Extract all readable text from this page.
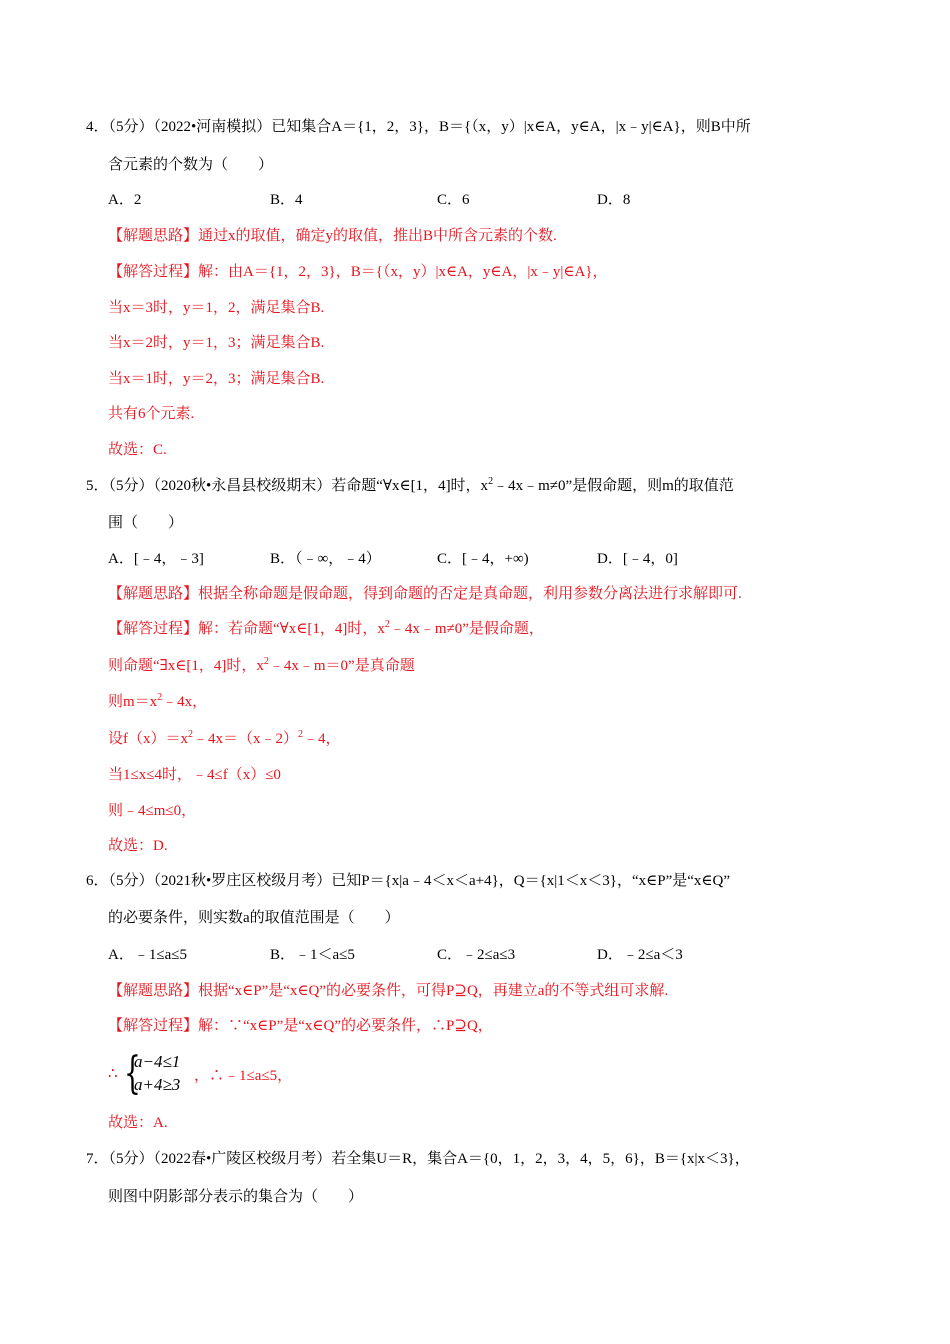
4．（5分）（2022•河南模拟）已知集合A＝{1，2，3}，B＝{（x，y）|x∈A，y∈A，|x﹣y|∈A}，则B中所
含元素的个数为（　　）
A．2	B．4	C．6	D．8
【解题思路】通过x的取值，确定y的取值，推出B中所含元素的个数.
【解答过程】解：由A＝{1，2，3}，B＝{（x，y）|x∈A，y∈A，|x﹣y|∈A}，
当x＝3时，y＝1，2，满足集合B.
当x＝2时，y＝1，3；满足集合B.
当x＝1时，y＝2，3；满足集合B.
共有6个元素.
故选：C.
5．（5分）（2020秋•永昌县校级期末）若命题“∀x∈[1，4]时，$x^2﹣4x﹣m\ne 0$”是假命题，则m的取值范
围（　　）
A．[﹣4，﹣3]	B．（﹣∞，﹣4）	C．[﹣4，+∞)	D．[﹣4，0]
【解题思路】根据全称命题是假命题，得到命题的否定是真命题，利用参数分离法进行求解即可.
【解答过程】解：若命题“∀x∈[1，4]时，$x^2﹣4x﹣m\ne 0$”是假命题，
则命题“∃x∈[1，4]时，$x^2﹣4x﹣m=0$”是真命题
则$m=x^2﹣4x$，
设$f(x)=x^2﹣4x=(x﹣2)^2﹣4$，
当1≤x≤4时，﹣4≤f（x）≤0
则﹣4≤m≤0，
故选：D.
6．（5分）（2021秋•罗庄区校级月考）已知P＝{x|a﹣4＜x＜a+4}，Q＝{x|1＜x＜3}，“x∈P”是“x∈Q”
的必要条件，则实数a的取值范围是（　　）
A．﹣1≤a≤5	B．﹣1＜a≤5	C．﹣2≤a≤3	D．﹣2≤a＜3
【解题思路】根据“x∈P”是“x∈Q”的必要条件，可得P⊇Q，再建立a的不等式组可求解.
【解答过程】解：∵“x∈P”是“x∈Q”的必要条件，∴P⊇Q，
∴ {
a−4≤1
a+4≥3 ，∴﹣1≤a≤5，
故选：A.
7．（5分）（2022春•广陵区校级月考）若全集U＝R，集合A＝{0，1，2，3，4，5，6}，B＝{x|x＜3}，
则图中阴影部分表示的集合为（　　）
